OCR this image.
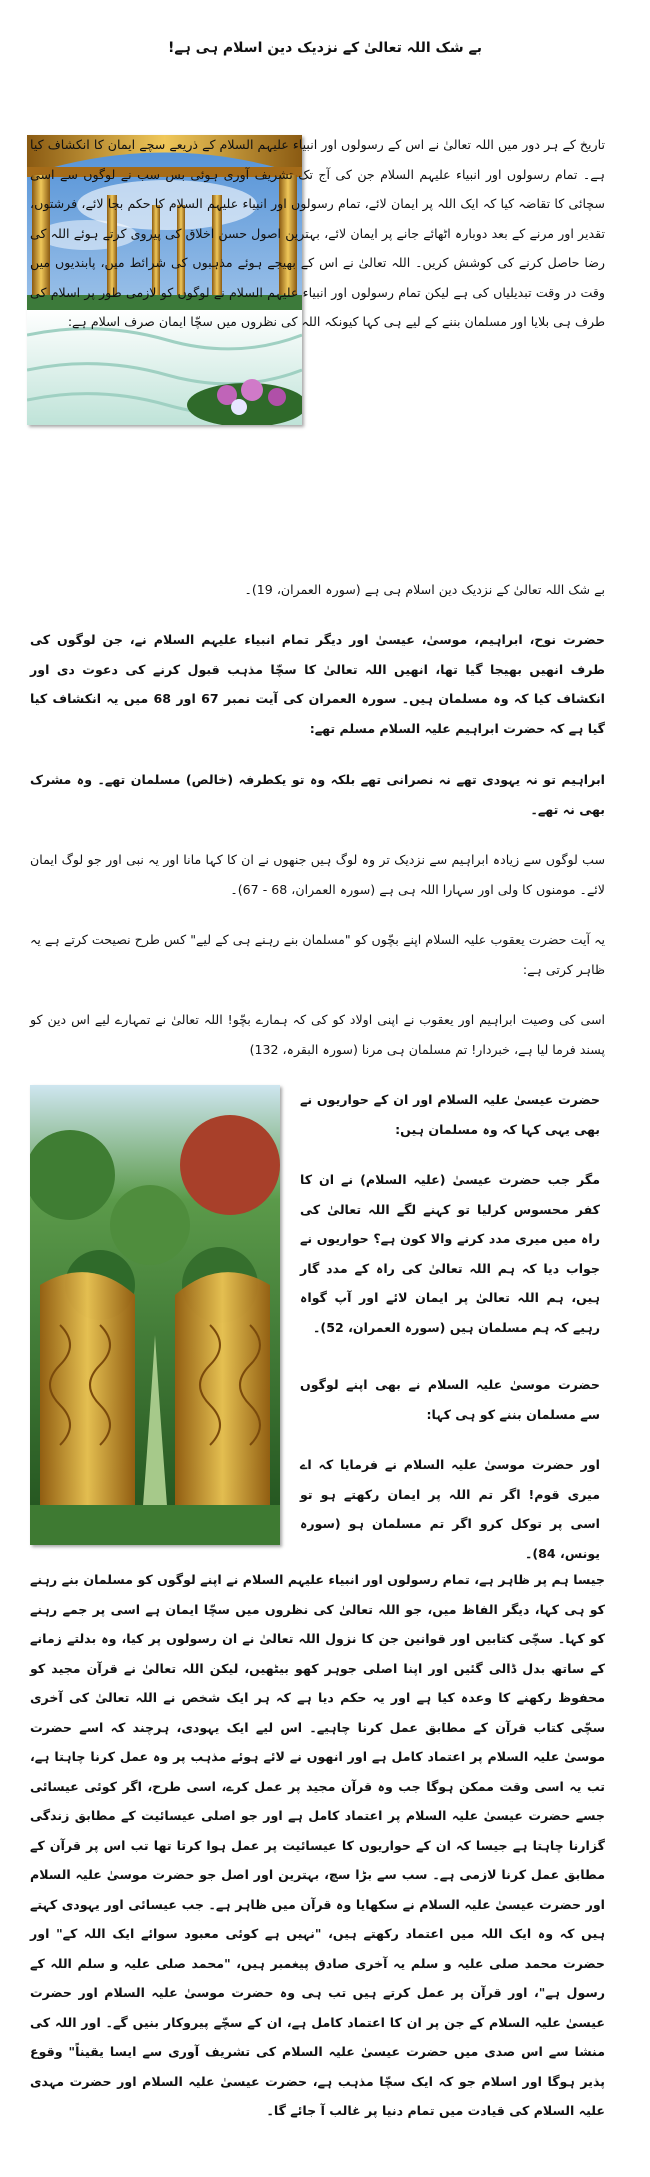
بے شک اللہ تعالیٰ کے نزدیک دین اسلام ہی ہے!
تاریخ کے ہر دور میں اللہ تعالیٰ نے اس کے رسولوں اور انبیاء علیہم السلام کے ذریعے سچے ایمان کا انکشاف کیا ہے۔ تمام رسولوں اور انبیاء علیہم السلام جن کی آج تک تشریف آوری ہوئی بس سب نے لوگوں سے اسی سچائی کا تقاضہ کیا کہ ایک اللہ پر ایمان لائے، تمام رسولوں اور انبیاء علیہم السلام کا حکم بجا لائے، فرشتوں، تقدیر اور مرنے کے بعد دوبارہ اٹھائے جانے پر ایمان لائے، بہترین اصول حسن اخلاق کی پیروی کرتے ہوئے اللہ کی رضا حاصل کرنے کی کوشش کریں۔ اللہ تعالیٰ نے اس کے بھیجے ہوئے مذہبوں کی شرائط میں، پابندیوں میں وقت در وقت تبدیلیاں کی ہے لیکن تمام رسولوں اور انبیاء علیہم السلام نے لوگوں کو لازمی طور پر اسلام کی طرف ہی بلایا اور مسلمان بننے کے لیے ہی کہا کیونکہ اللہ کی نظروں میں سچّا ایمان صرف اسلام ہے:
بے شک اللہ تعالیٰ کے نزدیک دین اسلام ہی ہے (سورہ العمران، 19)۔
حضرت نوح، ابراہیم، موسیٰ، عیسیٰ اور دیگر تمام انبیاء علیہم السلام نے، جن لوگوں کی طرف انھیں بھیجا گیا تھا، انھیں اللہ تعالیٰ کا سچّا مذہب قبول کرنے کی دعوت دی اور انکشاف کیا کہ وہ مسلمان ہیں۔ سورہ العمران کی آیت نمبر 67 اور 68 میں یہ انکشاف کیا گیا ہے کہ حضرت ابراہیم علیہ السلام مسلم تھے:
ابراہیم تو نہ یہودی تھے نہ نصرانی تھے بلکہ وہ تو یکطرفہ (خالص) مسلمان تھے۔ وہ مشرک بھی نہ تھے۔
سب لوگوں سے زیادہ ابراہیم سے نزدیک تر وہ لوگ ہیں جنھوں نے ان کا کہا مانا اور یہ نبی اور جو لوگ ایمان لائے۔ مومنوں کا ولی اور سہارا اللہ ہی ہے (سورہ العمران، 68 - 67)۔
یہ آیت حضرت یعقوب علیہ السلام اپنے بچّوں کو "مسلمان بنے رہنے ہی کے لیے" کس طرح نصیحت کرتے ہے یہ ظاہر کرتی ہے:
اسی کی وصیت ابراہیم اور یعقوب نے اپنی اولاد کو کی کہ ہمارے بچّو! اللہ تعالیٰ نے تمہارے لیے اس دین کو پسند فرما لیا ہے، خبردار! تم مسلمان ہی مرنا (سورہ البقرہ، 132)
حضرت عیسیٰ علیہ السلام اور ان کے حواریوں نے بھی یہی کہا کہ وہ مسلمان ہیں:
مگر جب حضرت عیسیٰ (علیہ السلام) نے ان کا کفر محسوس کرلیا تو کہنے لگے اللہ تعالیٰ کی راہ میں میری مدد کرنے والا کون ہے؟ حواریوں نے جواب دیا کہ ہم اللہ تعالیٰ کی راہ کے مدد گار ہیں، ہم اللہ تعالیٰ پر ایمان لائے اور آپ گواہ رہیے کہ ہم مسلمان ہیں (سورہ العمران، 52)۔
حضرت موسیٰ علیہ السلام نے بھی اپنے لوگوں سے مسلمان بننے کو ہی کہا:
اور حضرت موسیٰ علیہ السلام نے فرمایا کہ اے میری قوم! اگر تم اللہ پر ایمان رکھتے ہو تو اسی پر توکل کرو اگر تم مسلمان ہو (سورہ یونس، 84)۔
جیسا ہم پر ظاہر ہے، تمام رسولوں اور انبیاء علیہم السلام نے اپنے لوگوں کو مسلمان بنے رہنے کو ہی کہا، دیگر الفاظ میں، جو اللہ تعالیٰ کی نظروں میں سچّا ایمان ہے اسی پر جمے رہنے کو کہا۔ سچّی کتابیں اور قوانین جن کا نزول اللہ تعالیٰ نے ان رسولوں پر کیا، وہ بدلتے زمانے کے ساتھ بدل ڈالی گئیں اور اپنا اصلی جوہر کھو بیٹھیں، لیکن اللہ تعالیٰ نے قرآن مجید کو محفوظ رکھنے کا وعدہ کیا ہے اور یہ حکم دیا ہے کہ ہر ایک شخص نے اللہ تعالیٰ کی آخری سچّی کتاب قرآن کے مطابق عمل کرنا چاہیے۔ اس لیے ایک یہودی، ہرچند کہ اسے حضرت موسیٰ علیہ السلام پر اعتماد کامل ہے اور انھوں نے لائے ہوئے مذہب پر وہ عمل کرنا چاہتا ہے، تب یہ اسی وقت ممکن ہوگا جب وہ قرآن مجید پر عمل کرے، اسی طرح، اگر کوئی عیسائی جسے حضرت عیسیٰ علیہ السلام پر اعتماد کامل ہے اور جو اصلی عیسائیت کے مطابق زندگی گزارنا چاہتا ہے جیسا کہ ان کے حواریوں کا عیسائیت پر عمل ہوا کرتا تھا تب اس پر قرآن کے مطابق عمل کرنا لازمی ہے۔ سب سے بڑا سچ، بہترین اور اصل جو حضرت موسیٰ علیہ السلام اور حضرت عیسیٰ علیہ السلام نے سکھایا وہ قرآن میں ظاہر ہے۔ جب عیسائی اور یہودی کہتے ہیں کہ وہ ایک اللہ میں اعتماد رکھتے ہیں، "نہیں ہے کوئی معبود سوائے ایک اللہ کے" اور حضرت محمد صلی علیہ و سلم یہ آخری صادق پیغمبر ہیں، "محمد صلی علیہ و سلم اللہ کے رسول ہے"، اور قرآن پر عمل کرتے ہیں تب ہی وہ حضرت موسیٰ علیہ السلام اور حضرت عیسیٰ علیہ السلام کے جن پر ان کا اعتماد کامل ہے، ان کے سچّے پیروکار بنیں گے۔ اور اللہ کی منشا سے اس صدی میں حضرت عیسیٰ علیہ السلام کی تشریف آوری سے ایسا یقیناً" وقوع پذیر ہوگا اور اسلام جو کہ ایک سچّا مذہب ہے، حضرت عیسیٰ علیہ السلام اور حضرت مہدی علیہ السلام کی قیادت میں تمام دنیا پر غالب آ جائے گا۔
